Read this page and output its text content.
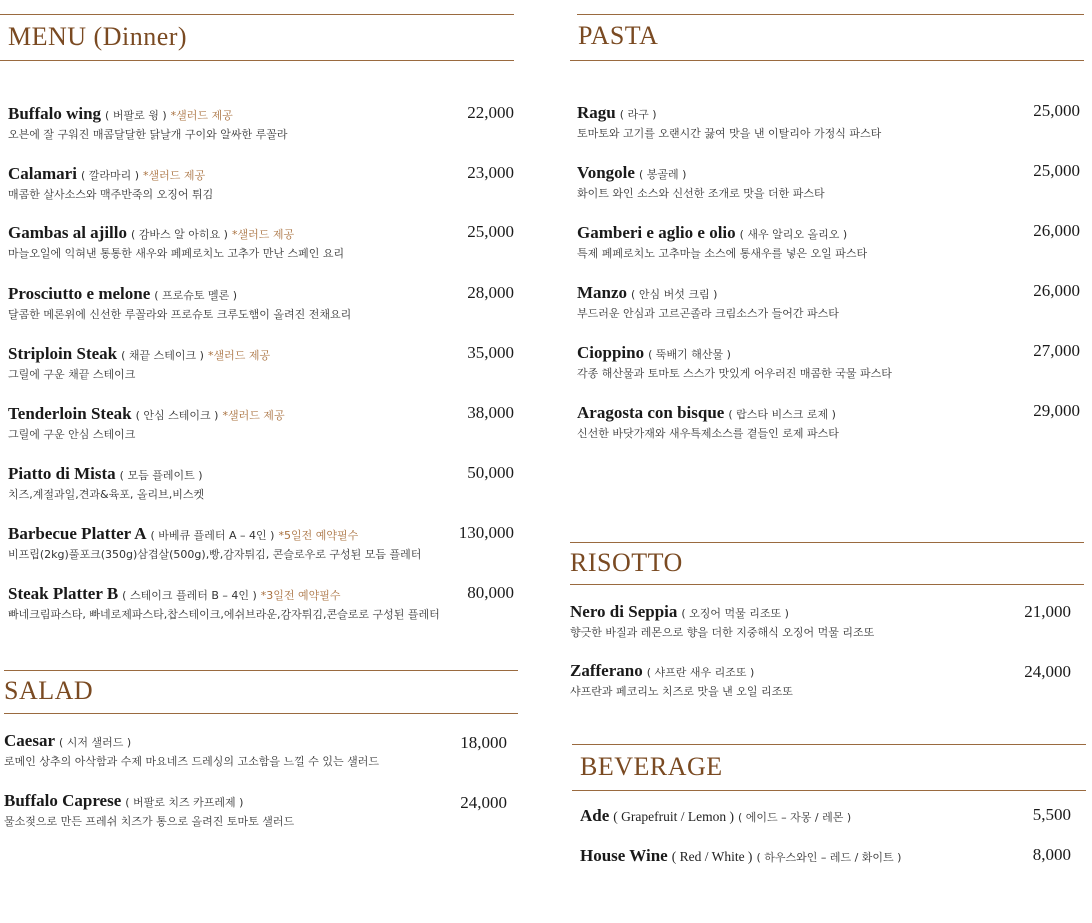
MENU (Dinner)
Buffalo wing ( 버팔로 윙 ) *샐러드 제공
오븐에 잘 구워진 매콤달달한 닭날개 구이와 알싸한 루꼴라
22,000
Calamari ( 깔라마리 ) *샐러드 제공
매콤한 살사소스와 맥주반죽의 오징어 튀김
23,000
Gambas al ajillo ( 감바스 알 아히요 ) *샐러드 제공
마늘오일에 익혀낸 통통한 새우와 페페로치노 고추가 만난 스페인 요리
25,000
Prosciutto e melone ( 프로슈토 멜론 )
달콤한 메론위에 신선한 루꼴라와 프로슈토 크루도햄이 올려진 전채요리
28,000
Striploin Steak ( 채끝 스테이크 ) *샐러드 제공
그릴에 구운 채끝 스테이크
35,000
Tenderloin Steak ( 안심 스테이크 ) *샐러드 제공
그릴에 구운 안심 스테이크
38,000
Piatto di Mista ( 모듬 플레이트 )
치즈,계절과일,견과&육포, 올리브,비스켓
50,000
Barbecue Platter A ( 바베큐 플레터 A – 4인 ) *5일전 예약필수
비프립(2kg)풀포크(350g)삼겹살(500g),빵,감자튀김, 콘슬로우로 구성된 모듬 플레터
130,000
Steak Platter B ( 스테이크 플레터 B – 4인 ) *3일전 예약필수
빠네크림파스타, 빠네로제파스타,찹스테이크,에쉬브라운,감자튀김,콘슬로로 구성된 플레터
80,000
SALAD
Caesar ( 시저 샐러드 )
로메인 상추의 아삭함과 수제 마요네즈 드레싱의 고소함을 느낄 수 있는 샐러드
18,000
Buffalo Caprese ( 버팔로 치즈 카프레제 )
물소젖으로 만든 프레쉬 치즈가 통으로 올려진 토마토 샐러드
24,000
PASTA
Ragu ( 라구 )
토마토와 고기를 오랜시간 끓여 맛을 낸 이탈리아 가정식 파스타
25,000
Vongole ( 봉골레 )
화이트 와인 소스와 신선한 조개로 맛을 더한 파스타
25,000
Gamberi e aglio e olio ( 새우 알리오 올리오 )
특제 페페로치노 고추마늘 소스에 통새우를 넣은 오일 파스타
26,000
Manzo ( 안심 버섯 크림 )
부드러운 안심과 고르곤졸라 크림소스가 들어간 파스타
26,000
Cioppino ( 뚝배기 해산물 )
각종 해산물과 토마토 스스가 맛있게 어우러진 매콤한 국물 파스타
27,000
Aragosta con bisque ( 랍스타 비스크 로제 )
신선한 바닷가재와 새우특제소스를 곁들인 로제 파스타
29,000
RISOTTO
Nero di Seppia ( 오징어 먹물 리조또 )
향긋한 바질과 레몬으로 향을 더한 지중해식 오징어 먹물 리조또
21,000
Zafferano ( 샤프란 새우 리조또 )
샤프란과 페코리노 치즈로 맛을 낸 오일 리조또
24,000
BEVERAGE
Ade ( Grapefruit / Lemon ) ( 에이드 – 자몽 / 레몬 )	5,500
House Wine ( Red / White ) ( 하우스와인 – 레드 / 화이트 )	8,000
